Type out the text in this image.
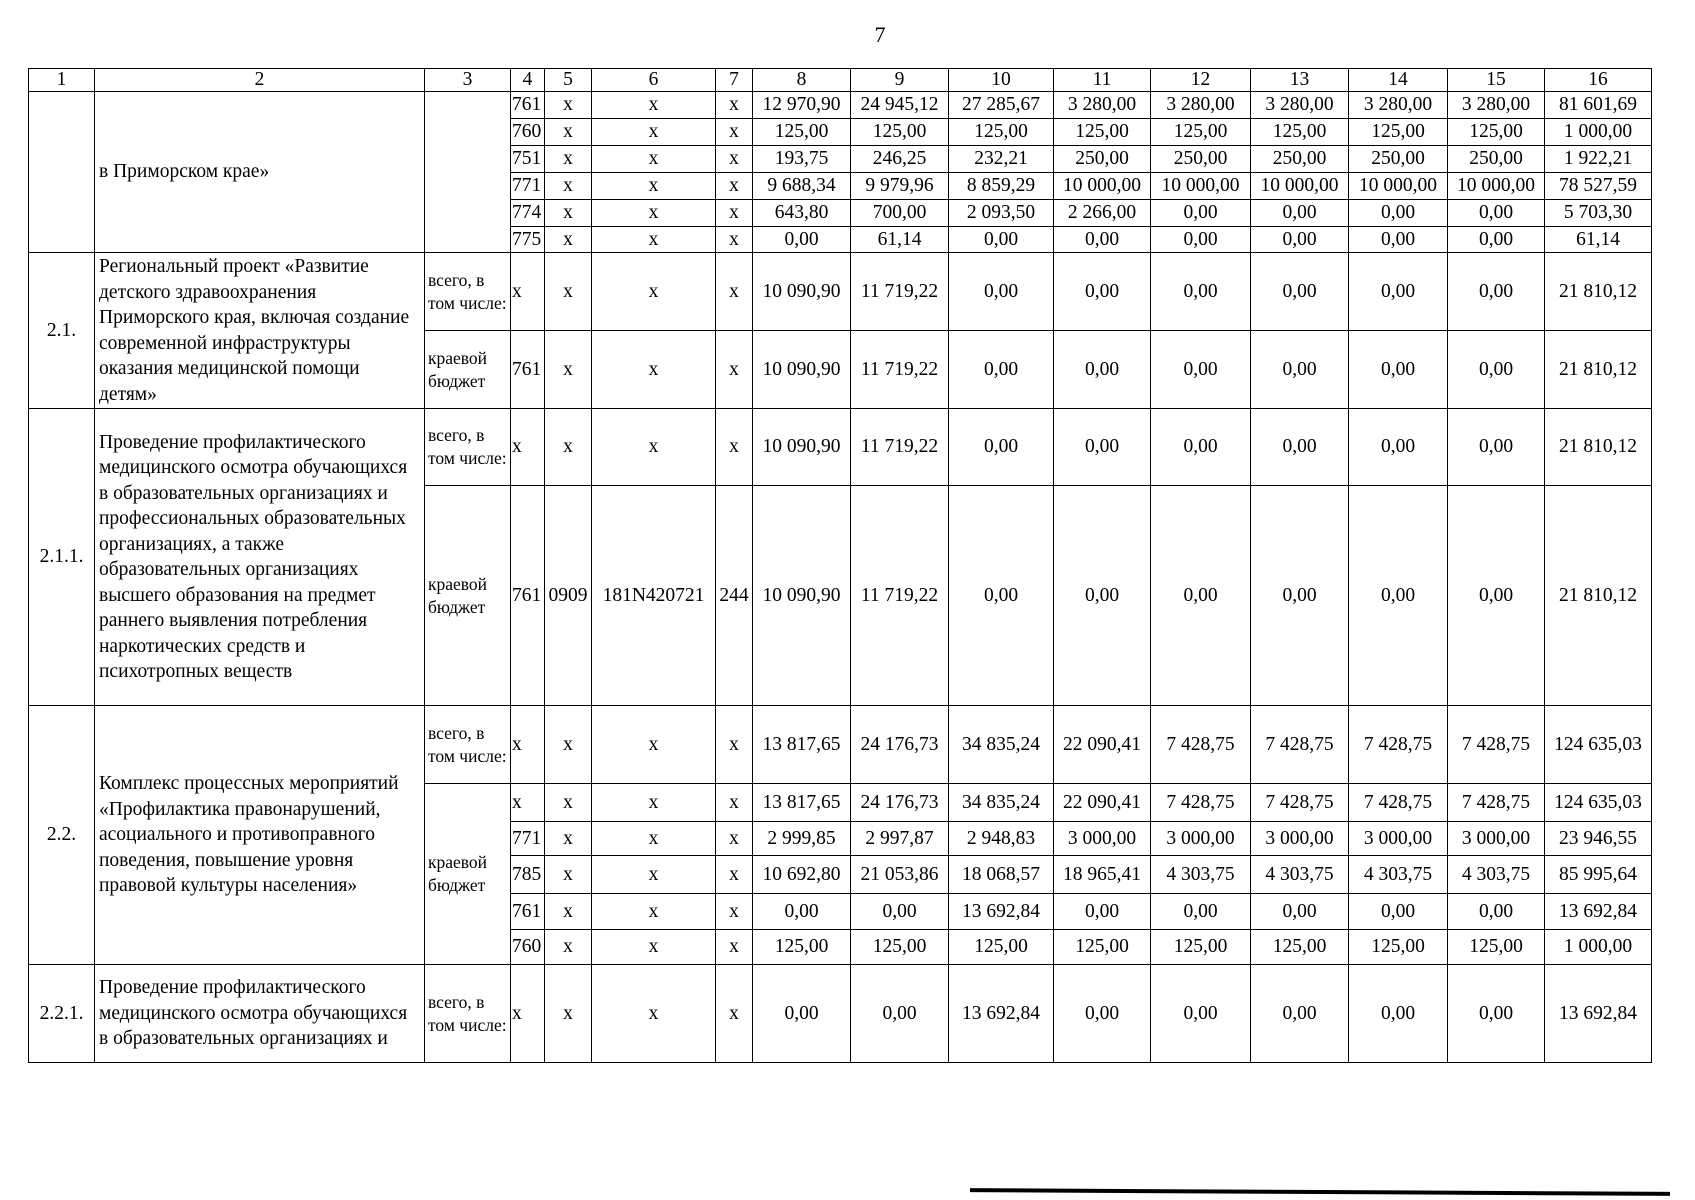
7
1	2	3	4	5	6	7	8	9	10	11	12	13	14	15	16
	в Приморском крае»		761	x	x	x	12 970,90	24 945,12	27 285,67	3 280,00	3 280,00	3 280,00	3 280,00	3 280,00	81 601,69
			760	x	x	x	125,00	125,00	125,00	125,00	125,00	125,00	125,00	125,00	1 000,00
			751	x	x	x	193,75	246,25	232,21	250,00	250,00	250,00	250,00	250,00	1 922,21
			771	x	x	x	9 688,34	9 979,96	8 859,29	10 000,00	10 000,00	10 000,00	10 000,00	10 000,00	78 527,59
			774	x	x	x	643,80	700,00	2 093,50	2 266,00	0,00	0,00	0,00	0,00	5 703,30
			775	x	x	x	0,00	61,14	0,00	0,00	0,00	0,00	0,00	0,00	61,14
2.1.	Региональный проект «Развитие детского здравоохранения Приморского края, включая создание современной инфраструктуры оказания медицинской помощи детям»	всего, в том числе:	x	x	x	x	10 090,90	11 719,22	0,00	0,00	0,00	0,00	0,00	0,00	21 810,12
		краевой бюджет	761	x	x	x	10 090,90	11 719,22	0,00	0,00	0,00	0,00	0,00	0,00	21 810,12
2.1.1.	Проведение профилактического медицинского осмотра обучающихся в образовательных организациях и профессиональных образовательных организациях, а также образовательных организациях высшего образования на предмет раннего выявления потребления наркотических средств и психотропных веществ	всего, в том числе:	x	x	x	x	10 090,90	11 719,22	0,00	0,00	0,00	0,00	0,00	0,00	21 810,12
		краевой бюджет	761	0909	181N420721	244	10 090,90	11 719,22	0,00	0,00	0,00	0,00	0,00	0,00	21 810,12
2.2.	Комплекс процессных мероприятий «Профилактика правонарушений, асоциального и противоправного поведения, повышение уровня правовой культуры населения»	всего, в том числе:	x	x	x	x	13 817,65	24 176,73	34 835,24	22 090,41	7 428,75	7 428,75	7 428,75	7 428,75	124 635,03
		краевой бюджет	x	x	x	x	13 817,65	24 176,73	34 835,24	22 090,41	7 428,75	7 428,75	7 428,75	7 428,75	124 635,03
			771	x	x	x	2 999,85	2 997,87	2 948,83	3 000,00	3 000,00	3 000,00	3 000,00	3 000,00	23 946,55
			785	x	x	x	10 692,80	21 053,86	18 068,57	18 965,41	4 303,75	4 303,75	4 303,75	4 303,75	85 995,64
			761	x	x	x	0,00	0,00	13 692,84	0,00	0,00	0,00	0,00	0,00	13 692,84
			760	x	x	x	125,00	125,00	125,00	125,00	125,00	125,00	125,00	125,00	1 000,00
2.2.1.	Проведение профилактического медицинского осмотра обучающихся в образовательных организациях и	всего, в том числе:	x	x	x	x	0,00	0,00	13 692,84	0,00	0,00	0,00	0,00	0,00	13 692,84
